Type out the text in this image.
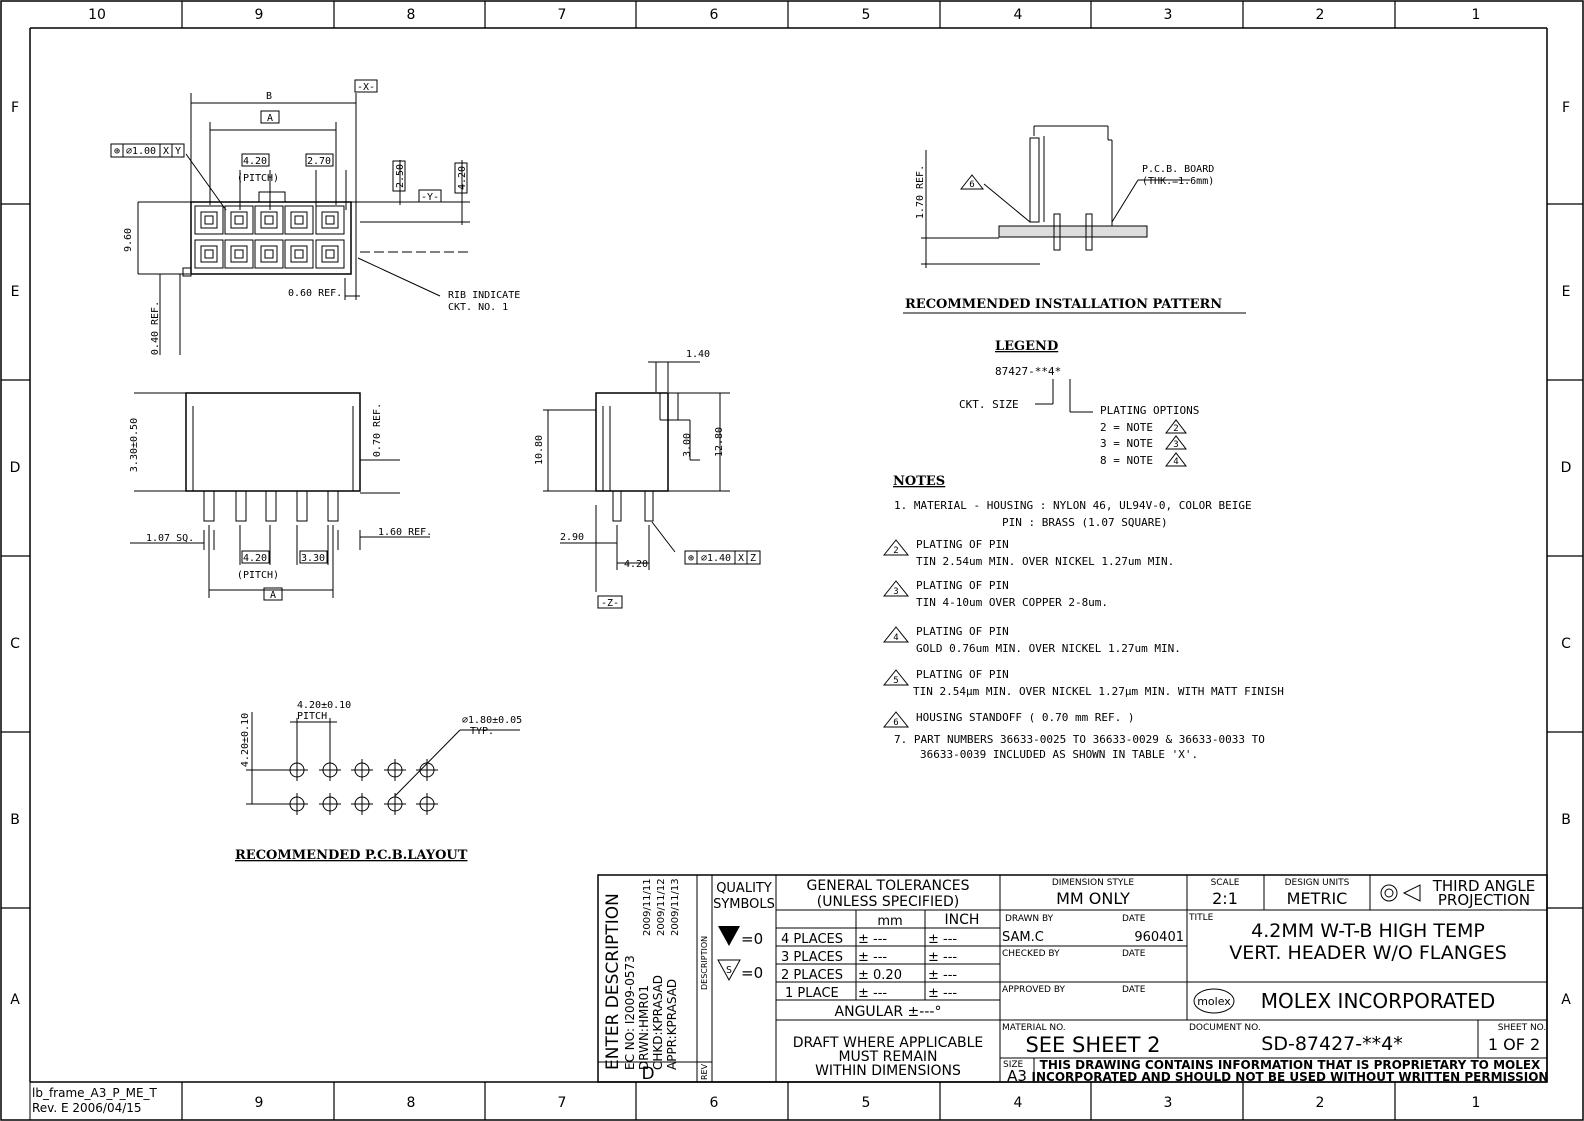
10	9	8	7	6	5	4	3	2	1
9	8	7	6	5	4	3	2	1
F
E
D
C
B
A
F
E
D
C
B
A
lb_frame_A3_P_ME_T
Rev. E 2006/04/15
B
A
-X-
-Y-
⊕ ∅1.00 X Y
4.20
(PITCH)
2.70
2.50	4.20
9.60
0.60 REF.
0.40 REF.
RIB INDICATE
CKT. NO. 1
3.30±0.50	0.70 REF.
1.07 SQ.
1.60 REF.
4.20
(PITCH)
3.30
A
1.40
10.80	3.00 12.80
2.90
4.20
⊕ ∅1.40 X Z
-Z-
4.20±0.10
PITCH
4.20±0.10	∅1.80±0.05
TYP.
RECOMMENDED P.C.B.LAYOUT
1.70 REF.	6
P.C.B. BOARD
(THK.=1.6mm)
RECOMMENDED INSTALLATION PATTERN
LEGEND
87427-**4*
CKT. SIZE	PLATING OPTIONS
2 = NOTE 2
3 = NOTE 3
8 = NOTE 4
NOTES
1. MATERIAL - HOUSING : NYLON 46, UL94V-0, COLOR BEIGE
PIN : BRASS (1.07 SQUARE)
2 PLATING OF PIN
TIN 2.54um MIN. OVER NICKEL 1.27um MIN.
3 PLATING OF PIN
TIN 4-10um OVER COPPER 2-8um.
4 PLATING OF PIN
GOLD 0.76um MIN. OVER NICKEL 1.27um MIN.
5 PLATING OF PIN
TIN 2.54μm MIN. OVER NICKEL 1.27μm MIN. WITH MATT FINISH
6 HOUSING STANDOFF ( 0.70 mm REF. )
7. PART NUMBERS 36633-0025 TO 36633-0029 & 36633-0033 TO
36633-0039 INCLUDED AS SHOWN IN TABLE 'X'.
ENTER DESCRIPTION EC NO: I2009-0573 DRWN:HMR01 CHKD:KPRASAD APPR:KPRASAD
2009/11/11 2009/11/12 2009/11/13
DESCRIPTION
REV
D
QUALITY
SYMBOLS
=0
S =0
GENERAL TOLERANCES
(UNLESS SPECIFIED)
mm	INCH
4 PLACES ± ---	± ---
3 PLACES ± ---	± ---
2 PLACES ± 0.20 ± ---
1 PLACE ± ---	± ---
ANGULAR ±---°
DRAFT WHERE APPLICABLE
MUST REMAIN
WITHIN DIMENSIONS
DIMENSION STYLE
MM ONLY
SCALE
2:1
DESIGN UNITS
METRIC
THIRD ANGLE
PROJECTION
DRAWN BY	DATE
SAM.C	960401
CHECKED BY	DATE
APPROVED BY	DATE
TITLE
4.2MM W-T-B HIGH TEMP
VERT. HEADER W/O FLANGES
molex MOLEX INCORPORATED
MATERIAL NO.
SEE SHEET 2
DOCUMENT NO.
SD-87427-**4*
SHEET NO.
1 OF 2
SIZE
A3
THIS DRAWING CONTAINS INFORMATION THAT IS PROPRIETARY TO MOLEX
INCORPORATED AND SHOULD NOT BE USED WITHOUT WRITTEN PERMISSION
